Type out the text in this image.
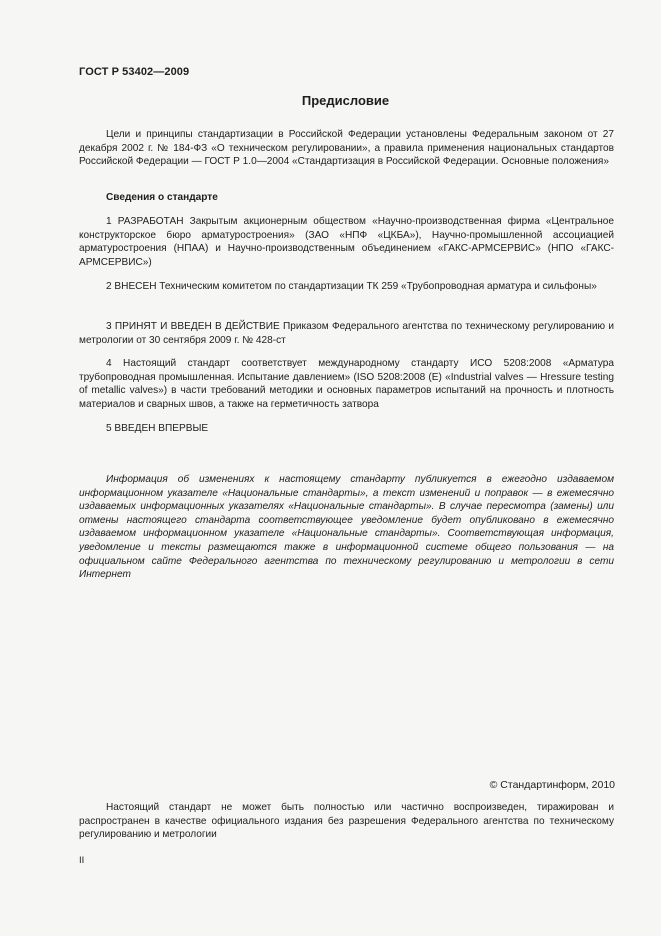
ГОСТ Р 53402—2009
Предисловие
Цели и принципы стандартизации в Российской Федерации установлены Федеральным законом от 27 декабря 2002 г. № 184-ФЗ «О техническом регулировании», а правила применения национальных стандартов Российской Федерации — ГОСТ Р 1.0—2004 «Стандартизация в Российской Федерации. Основные положения»
Сведения о стандарте
1 РАЗРАБОТАН Закрытым акционерным обществом «Научно-производственная фирма «Центральное конструкторское бюро арматуростроения» (ЗАО «НПФ «ЦКБА»), Научно-промышленной ассоциацией арматуростроения (НПАА) и Научно-производственным объединением «ГАКС-АРМСЕРВИС» (НПО «ГАКС-АРМСЕРВИС»)
2 ВНЕСЕН Техническим комитетом по стандартизации ТК 259 «Трубопроводная арматура и сильфоны»
3 ПРИНЯТ И ВВЕДЕН В ДЕЙСТВИЕ Приказом Федерального агентства по техническому регулированию и метрологии от 30 сентября 2009 г. № 428-ст
4 Настоящий стандарт соответствует международному стандарту ИСО 5208:2008 «Арматура трубопроводная промышленная. Испытание давлением» (ISO 5208:2008 (E) «Industrial valves — Hressure testing of metallic valves») в части требований методики и основных параметров испытаний на прочность и плотность материалов и сварных швов, а также на герметичность затвора
5 ВВЕДЕН ВПЕРВЫЕ
Информация об изменениях к настоящему стандарту публикуется в ежегодно издаваемом информационном указателе «Национальные стандарты», а текст изменений и поправок — в ежемесячно издаваемых информационных указателях «Национальные стандарты». В случае пересмотра (замены) или отмены настоящего стандарта соответствующее уведомление будет опубликовано в ежемесячно издаваемом информационном указателе «Национальные стандарты». Соответствующая информация, уведомление и тексты размещаются также в информационной системе общего пользования — на официальном сайте Федерального агентства по техническому регулированию и метрологии в сети Интернет
© Стандартинформ, 2010
Настоящий стандарт не может быть полностью или частично воспроизведен, тиражирован и распространен в качестве официального издания без разрешения Федерального агентства по техническому регулированию и метрологии
II
